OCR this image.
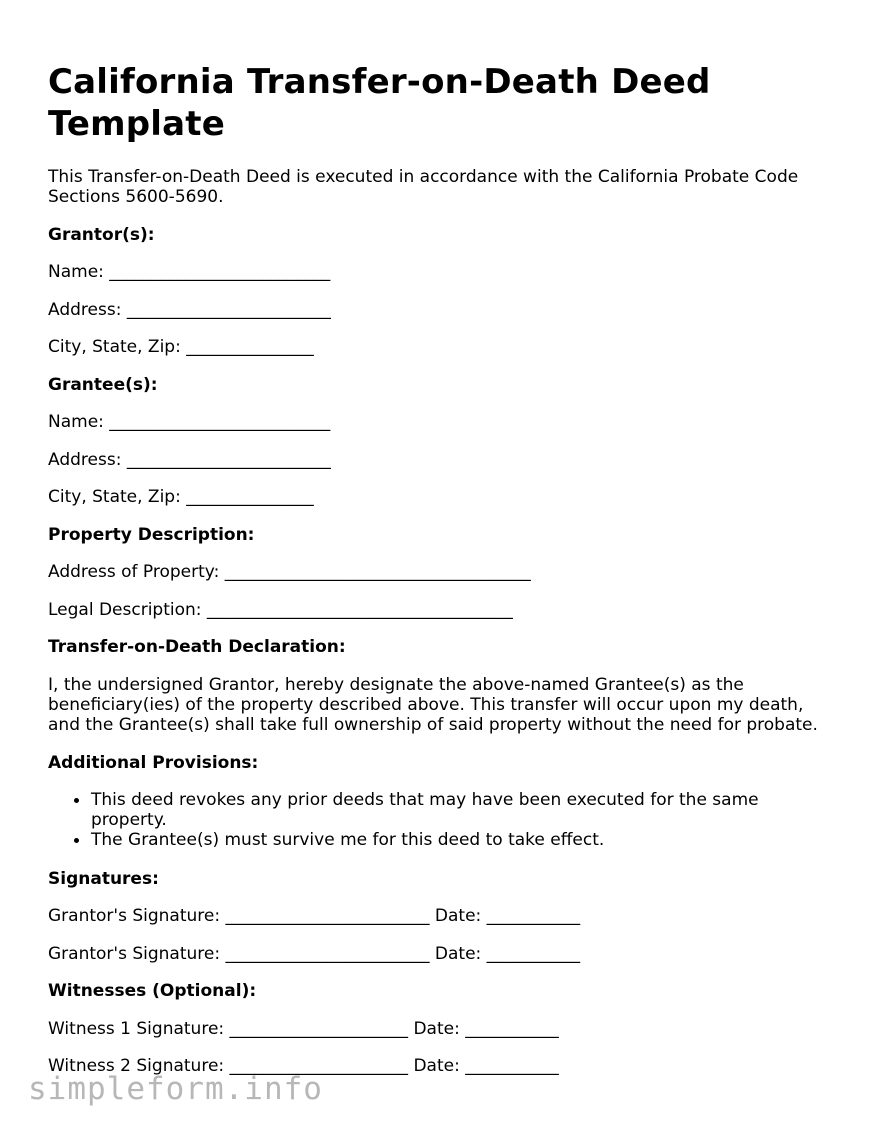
California Transfer-on-Death Deed Template

This Transfer-on-Death Deed is executed in accordance with the California Probate Code Sections 5600-5690.

Grantor(s):

Name: __________________________

Address: ________________________

City, State, Zip: _______________

Grantee(s):

Name: __________________________

Address: ________________________

City, State, Zip: _______________

Property Description:

Address of Property: ____________________________________

Legal Description: ____________________________________

Transfer-on-Death Declaration:

I, the undersigned Grantor, hereby designate the above-named Grantee(s) as the beneficiary(ies) of the property described above. This transfer will occur upon my death, and the Grantee(s) shall take full ownership of said property without the need for probate.

Additional Provisions:

This deed revokes any prior deeds that may have been executed for the same property.
The Grantee(s) must survive me for this deed to take effect.

Signatures:

Grantor's Signature: ________________________ Date: ___________

Grantor's Signature: ________________________ Date: ___________

Witnesses (Optional):

Witness 1 Signature: _____________________ Date: ___________

Witness 2 Signature: _____________________ Date: ___________

simpleform.info
